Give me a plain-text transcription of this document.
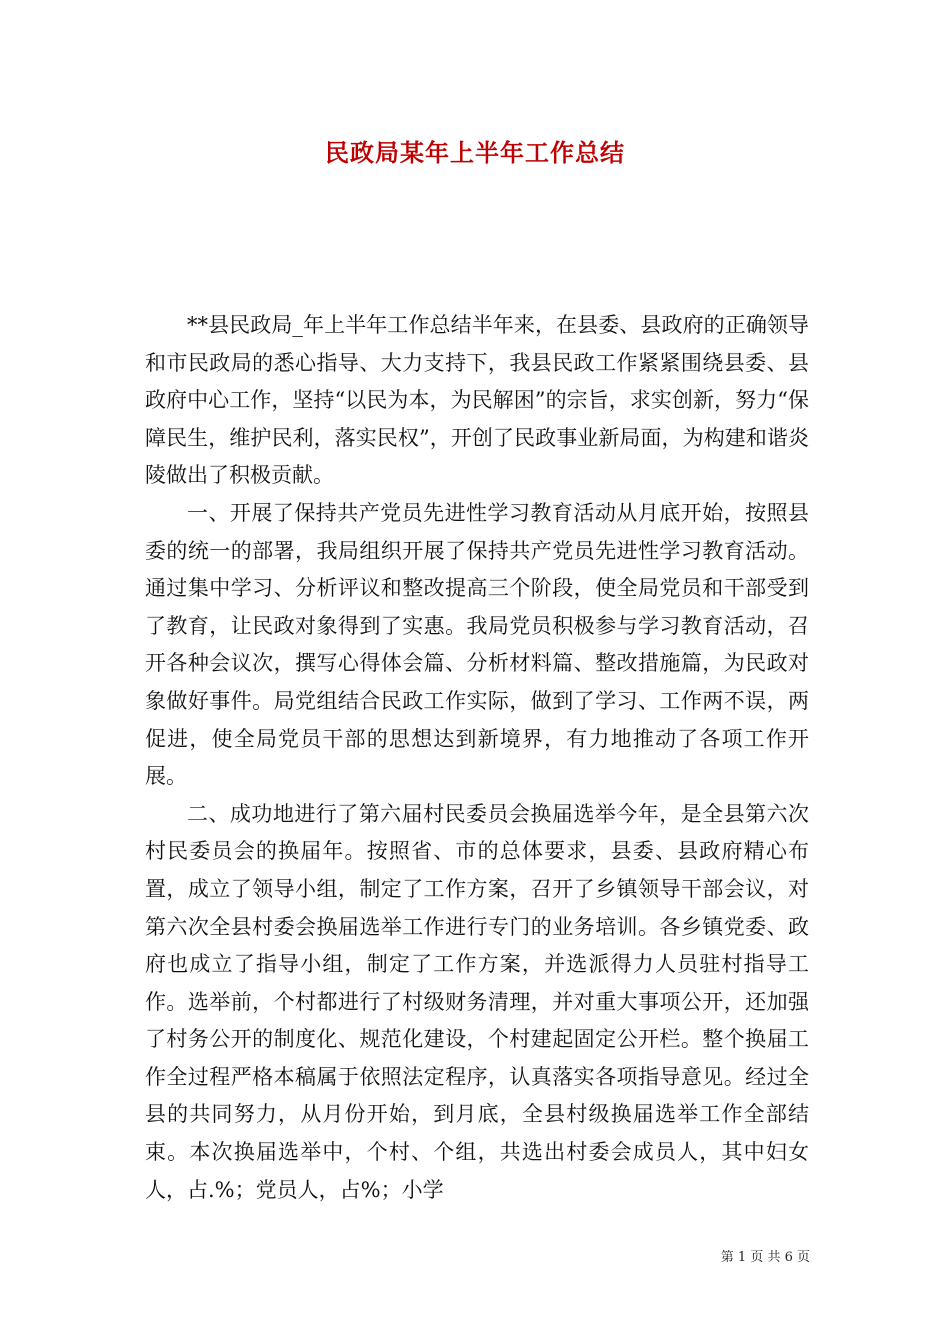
民政局某年上半年工作总结

**县民政局_年上半年工作总结半年来，在县委、县政府的正确领导和市民政局的悉心指导、大力支持下，我县民政工作紧紧围绕县委、县政府中心工作，坚持“以民为本，为民解困”的宗旨，求实创新，努力“保障民生，维护民利，落实民权”，开创了民政事业新局面，为构建和谐炎陵做出了积极贡献。

一、开展了保持共产党员先进性学习教育活动从月底开始，按照县委的统一的部署，我局组织开展了保持共产党员先进性学习教育活动。通过集中学习、分析评议和整改提高三个阶段，使全局党员和干部受到了教育，让民政对象得到了实惠。我局党员积极参与学习教育活动，召开各种会议次，撰写心得体会篇、分析材料篇、整改措施篇，为民政对象做好事件。局党组结合民政工作实际，做到了学习、工作两不误，两促进，使全局党员干部的思想达到新境界，有力地推动了各项工作开展。

二、成功地进行了第六届村民委员会换届选举今年，是全县第六次村民委员会的换届年。按照省、市的总体要求，县委、县政府精心布置，成立了领导小组，制定了工作方案，召开了乡镇领导干部会议，对第六次全县村委会换届选举工作进行专门的业务培训。各乡镇党委、政府也成立了指导小组，制定了工作方案，并选派得力人员驻村指导工作。选举前，个村都进行了村级财务清理，并对重大事项公开，还加强了村务公开的制度化、规范化建设，个村建起固定公开栏。整个换届工作全过程严格本稿属于依照法定程序，认真落实各项指导意见。经过全县的共同努力，从月份开始，到月底，全县村级换届选举工作全部结束。本次换届选举中，个村、个组，共选出村委会成员人，其中妇女人，占.%；党员人，占%；小学

第 1 页 共 6 页
